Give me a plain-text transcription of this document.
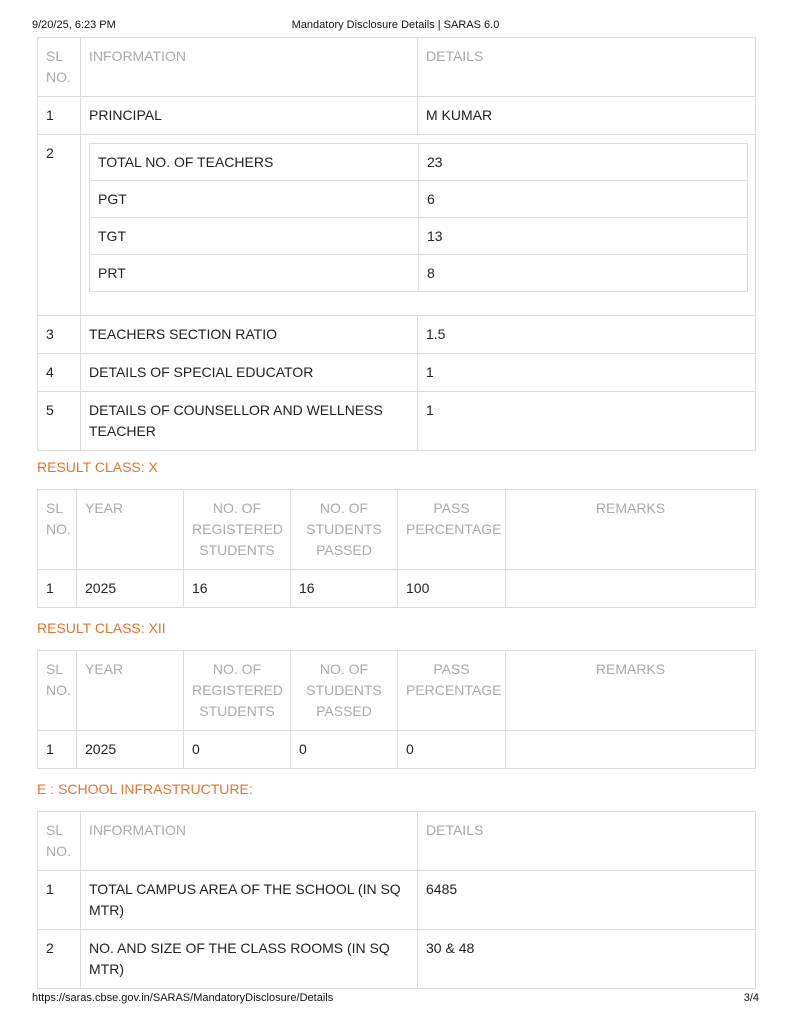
9/20/25, 6:23 PM	Mandatory Disclosure Details | SARAS 6.0
SL NO.	INFORMATION	DETAILS
1	PRINCIPAL	M KUMAR
2	
TOTAL NO. OF TEACHERS	23
PGT	6
TGT	13
PRT	8

3	TEACHERS SECTION RATIO	1.5
4	DETAILS OF SPECIAL EDUCATOR	1
5	DETAILS OF COUNSELLOR AND WELLNESS TEACHER	1
RESULT CLASS: X
SL NO.	YEAR	NO. OF REGISTERED STUDENTS	NO. OF STUDENTS PASSED	PASS PERCENTAGE	REMARKS
1	2025	16	16	100	
RESULT CLASS: XII
SL NO.	YEAR	NO. OF REGISTERED STUDENTS	NO. OF STUDENTS PASSED	PASS PERCENTAGE	REMARKS
1	2025	0	0	0	
E : SCHOOL INFRASTRUCTURE:
SL NO.	INFORMATION	DETAILS
1	TOTAL CAMPUS AREA OF THE SCHOOL (IN SQ MTR)	6485
2	NO. AND SIZE OF THE CLASS ROOMS (IN SQ MTR)	30 & 48
https://saras.cbse.gov.in/SARAS/MandatoryDisclosure/Details	3/4
